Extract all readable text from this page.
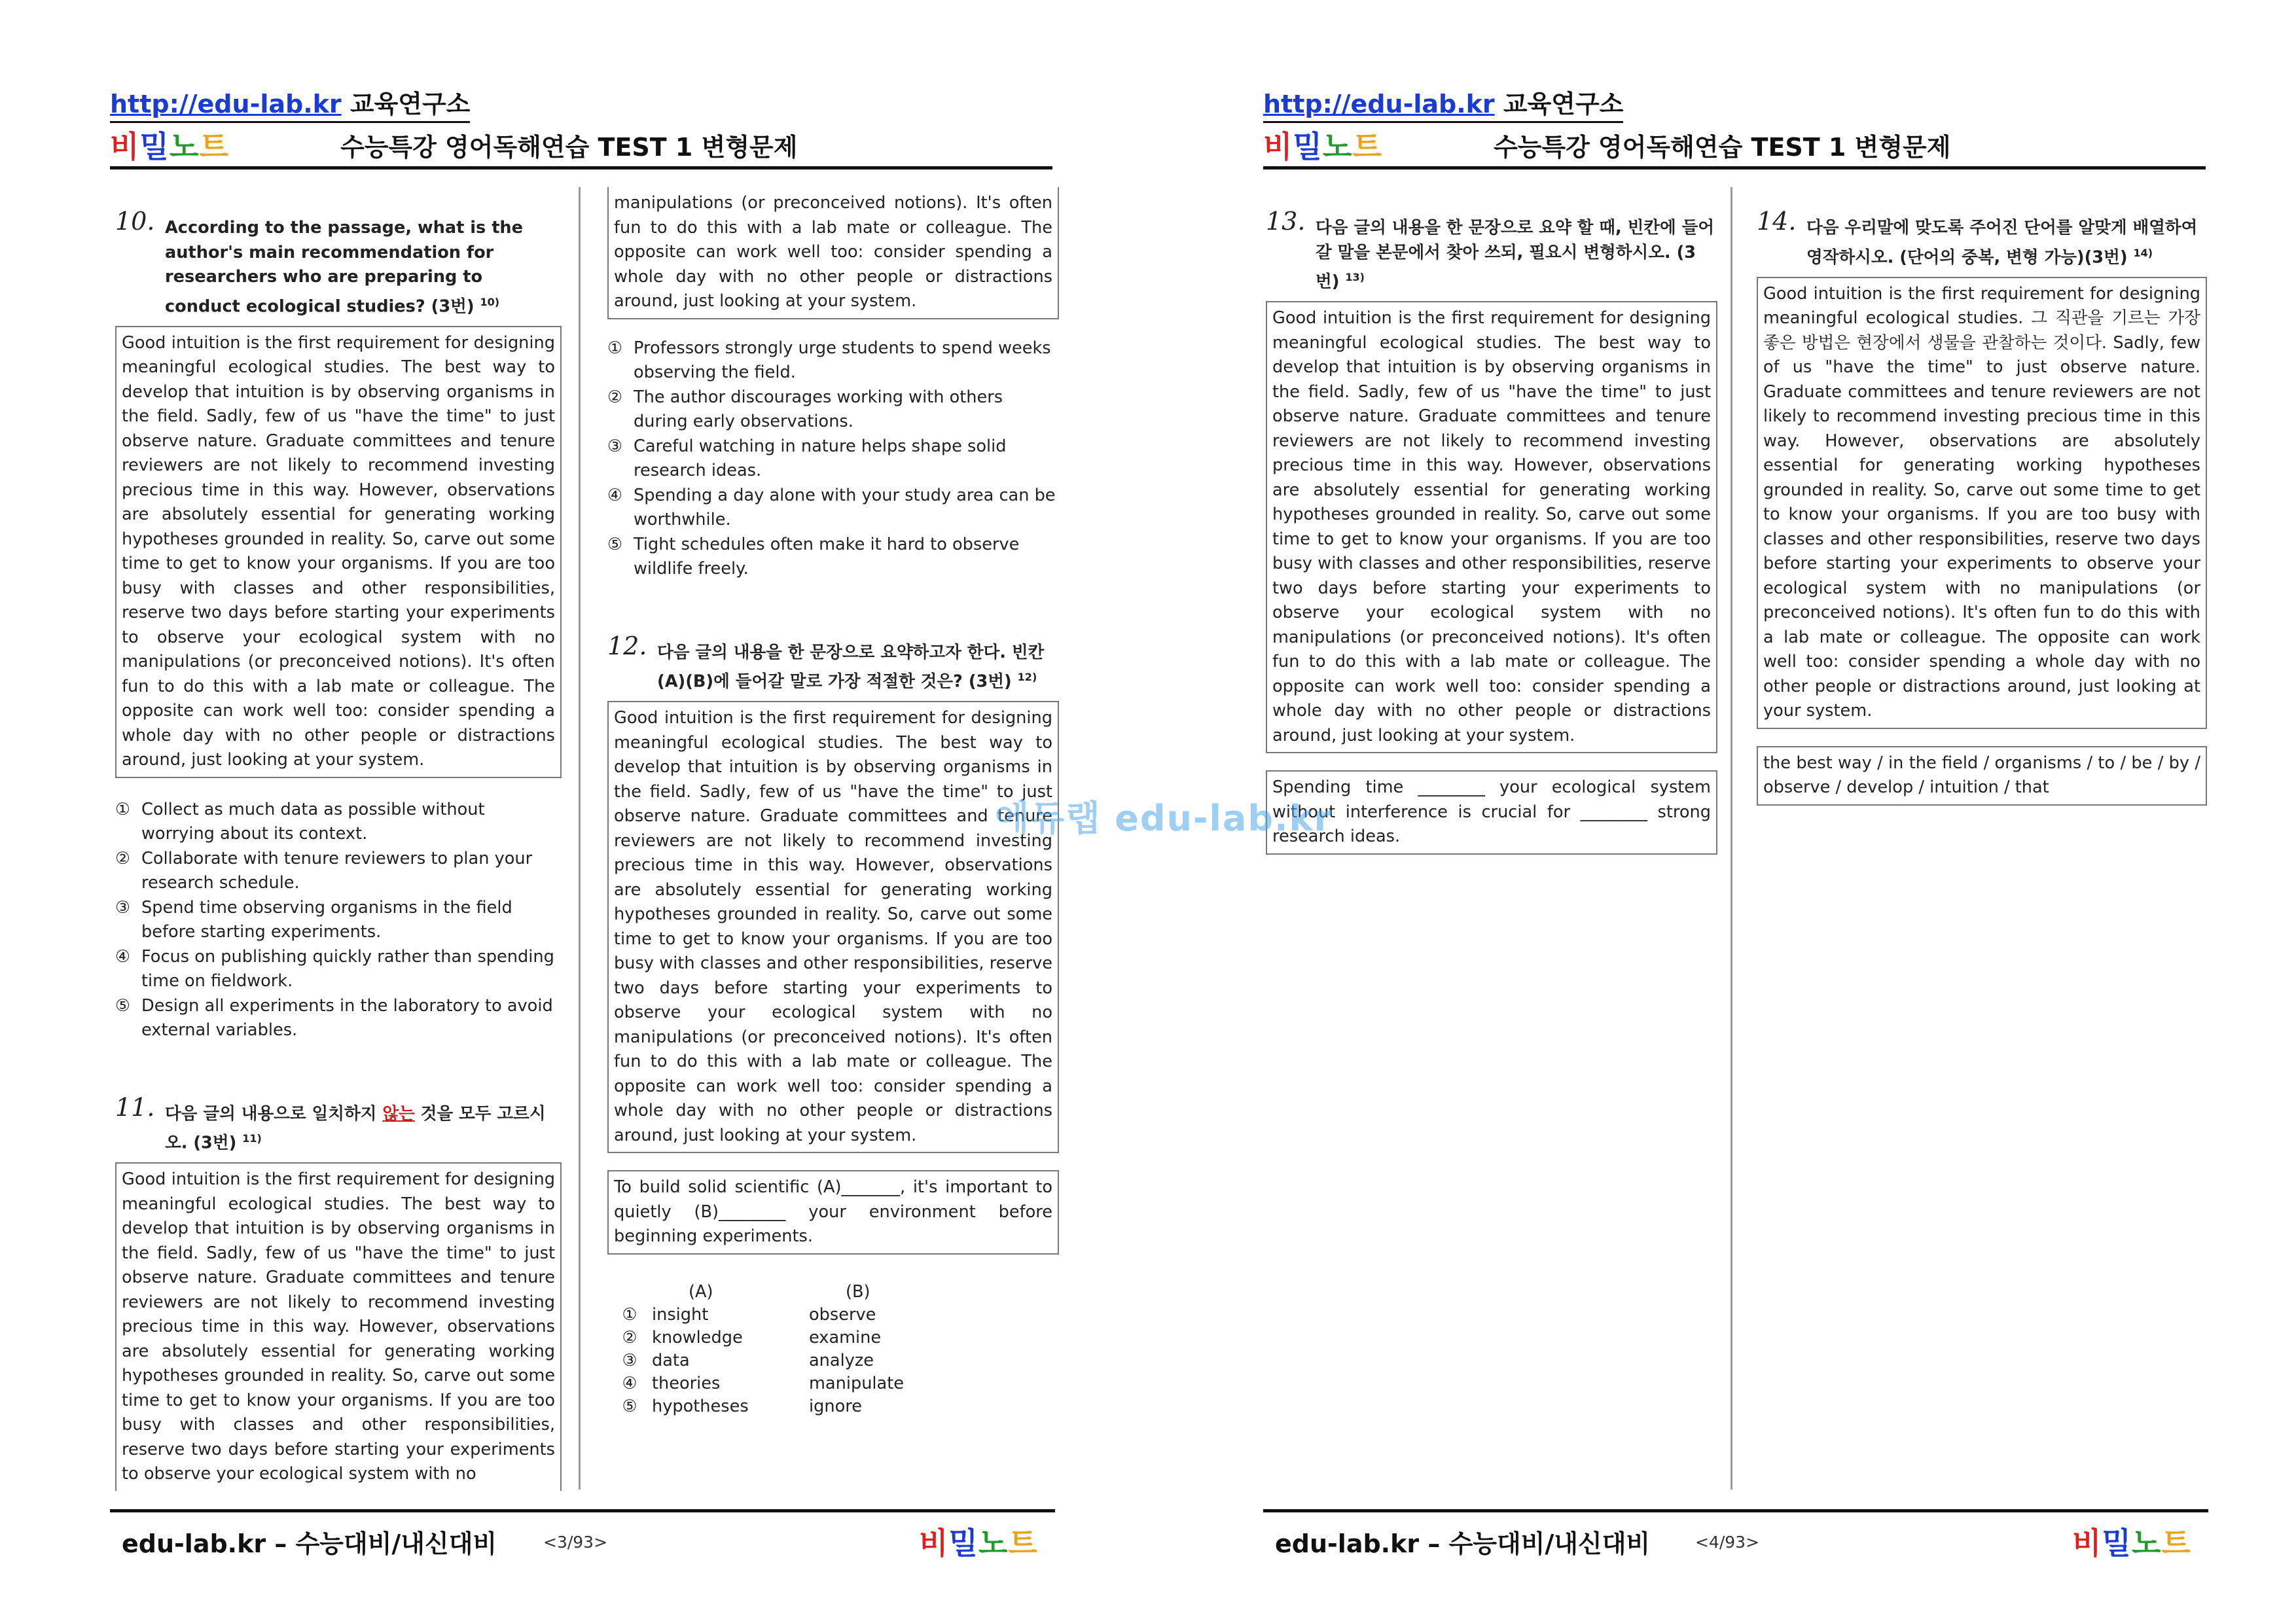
http://edu-lab.kr 교육연구소
비밀노트	수능특강 영어독해연습 TEST 1 변형문제
10. According to the passage, what is the author's main recommendation for researchers who are preparing to conduct ecological studies? (3번) $^{10)}$
Good intuition is the first requirement for designing meaningful ecological studies. The best way to develop that intuition is by observing organisms in the field. Sadly, few of us "have the time" to just observe nature. Graduate committees and tenure reviewers are not likely to recommend investing precious time in this way. However, observations are absolutely essential for generating working hypotheses grounded in reality. So, carve out some time to get to know your organisms. If you are too busy with classes and other responsibilities, reserve two days before starting your experiments to observe your ecological system with no manipulations (or preconceived notions). It's often fun to do this with a lab mate or colleague. The opposite can work well too: consider spending a whole day with no other people or distractions around, just looking at your system.
① Collect as much data as possible without worrying about its context.
② Collaborate with tenure reviewers to plan your research schedule.
③ Spend time observing organisms in the field before starting experiments.
④ Focus on publishing quickly rather than spending time on fieldwork.
⑤ Design all experiments in the laboratory to avoid external variables.
11. 다음 글의 내용으로 일치하지 않는 것을 모두 고르시오. (3번) $^{11)}$
Good intuition is the first requirement for designing meaningful ecological studies. The best way to develop that intuition is by observing organisms in the field. Sadly, few of us "have the time" to just observe nature. Graduate committees and tenure reviewers are not likely to recommend investing precious time in this way. However, observations are absolutely essential for generating working hypotheses grounded in reality. So, carve out some time to get to know your organisms. If you are too busy with classes and other responsibilities, reserve two days before starting your experiments to observe your ecological system with no
manipulations (or preconceived notions). It's often fun to do this with a lab mate or colleague. The opposite can work well too: consider spending a whole day with no other people or distractions around, just looking at your system.
① Professors strongly urge students to spend weeks observing the field.
② The author discourages working with others during early observations.
③ Careful watching in nature helps shape solid research ideas.
④ Spending a day alone with your study area can be worthwhile.
⑤ Tight schedules often make it hard to observe wildlife freely.
12. 다음 글의 내용을 한 문장으로 요약하고자 한다. 빈칸(A)(B)에 들어갈 말로 가장 적절한 것은? (3번) $^{12)}$
Good intuition is the first requirement for designing meaningful ecological studies. The best way to develop that intuition is by observing organisms in the field. Sadly, few of us "have the time" to just observe nature. Graduate committees and tenure reviewers are not likely to recommend investing precious time in this way. However, observations are absolutely essential for generating working hypotheses grounded in reality. So, carve out some time to get to know your organisms. If you are too busy with classes and other responsibilities, reserve two days before starting your experiments to observe your ecological system with no manipulations (or preconceived notions). It's often fun to do this with a lab mate or colleague. The opposite can work well too: consider spending a whole day with no other people or distractions around, just looking at your system.
To build solid scientific (A)_______, it's important to quietly (B)________ your environment before beginning experiments.
(A)	(B)
① insight	observe
② knowledge	examine
③ data	analyze
④ theories	manipulate
⑤ hypotheses	ignore
edu-lab.kr – 수능대비/내신대비	<3/93>	비밀노트
http://edu-lab.kr 교육연구소
비밀노트	수능특강 영어독해연습 TEST 1 변형문제
13. 다음 글의 내용을 한 문장으로 요약 할 때, 빈칸에 들어갈 말을 본문에서 찾아 쓰되, 필요시 변형하시오. (3번) $^{13)}$
Good intuition is the first requirement for designing meaningful ecological studies. The best way to develop that intuition is by observing organisms in the field. Sadly, few of us "have the time" to just observe nature. Graduate committees and tenure reviewers are not likely to recommend investing precious time in this way. However, observations are absolutely essential for generating working hypotheses grounded in reality. So, carve out some time to get to know your organisms. If you are too busy with classes and other responsibilities, reserve two days before starting your experiments to observe your ecological system with no manipulations (or preconceived notions). It's often fun to do this with a lab mate or colleague. The opposite can work well too: consider spending a whole day with no other people or distractions around, just looking at your system.
Spending time ________ your ecological system without interference is crucial for ________ strong research ideas.
14. 다음 우리말에 맞도록 주어진 단어를 알맞게 배열하여 영작하시오. (단어의 중복, 변형 가능)(3번) $^{14)}$
Good intuition is the first requirement for designing meaningful ecological studies. 그 직관을 기르는 가장 좋은 방법은 현장에서 생물을 관찰하는 것이다. Sadly, few of us "have the time" to just observe nature. Graduate committees and tenure reviewers are not likely to recommend investing precious time in this way. However, observations are absolutely essential for generating working hypotheses grounded in reality. So, carve out some time to get to know your organisms. If you are too busy with classes and other responsibilities, reserve two days before starting your experiments to observe your ecological system with no manipulations (or preconceived notions). It's often fun to do this with a lab mate or colleague. The opposite can work well too: consider spending a whole day with no other people or distractions around, just looking at your system.
the best way / in the field / organisms / to / be / by / observe / develop / intuition / that
edu-lab.kr – 수능대비/내신대비	<4/93>	비밀노트
에듀랩 edu-lab.kr
